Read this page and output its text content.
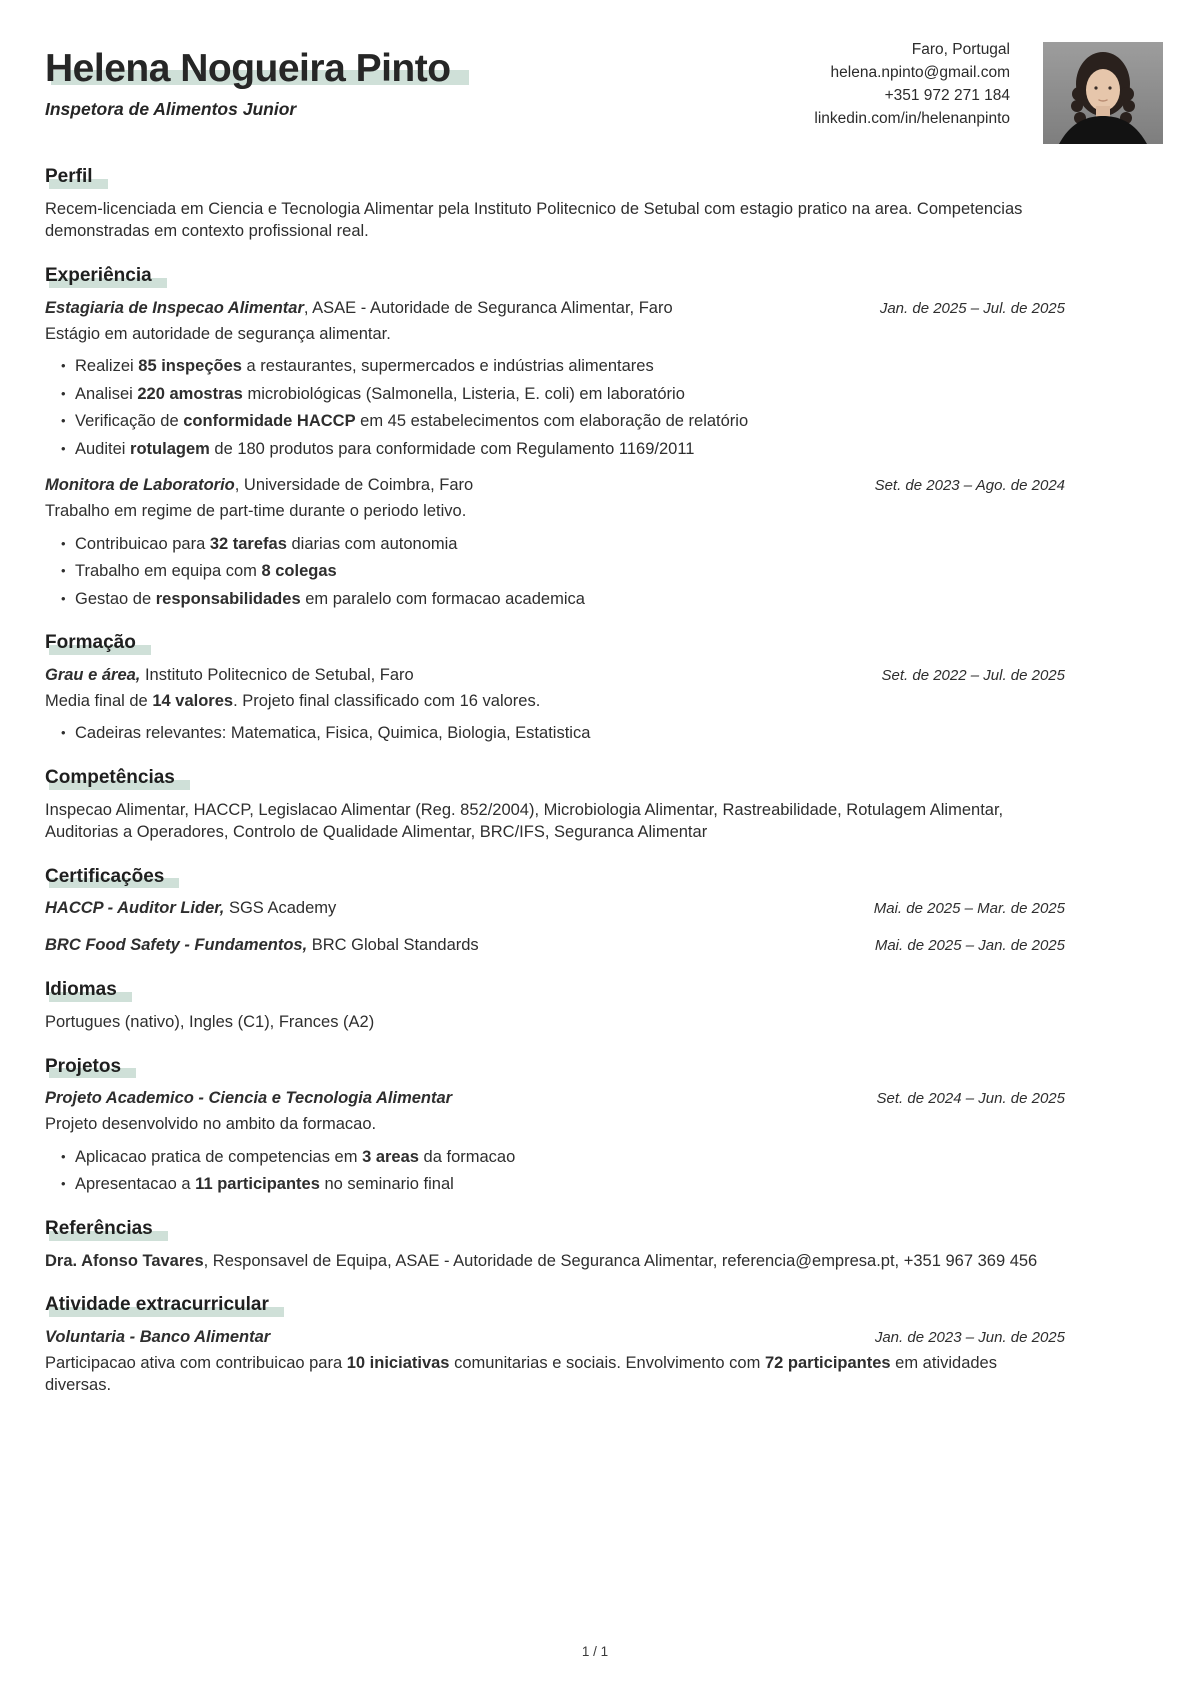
Helena Nogueira Pinto
Inspetora de Alimentos Junior
Faro, Portugal
helena.npinto@gmail.com
+351 972 271 184
linkedin.com/in/helenanpinto
Perfil

Recem-licenciada em Ciencia e Tecnologia Alimentar pela Instituto Politecnico de Setubal com estagio pratico na area. Competencias demonstradas em contexto profissional real.

Experiência
Estagiaria de Inspecao Alimentar, ASAE - Autoridade de Seguranca Alimentar, Faro	Jan. de 2025 – Jul. de 2025

Estágio em autoridade de segurança alimentar.

• Realizei 85 inspeções a restaurantes, supermercados e indústrias alimentares
• Analisei 220 amostras microbiológicas (Salmonella, Listeria, E. coli) em laboratório
• Verificação de conformidade HACCP em 45 estabelecimentos com elaboração de relatório
• Auditei rotulagem de 180 produtos para conformidade com Regulamento 1169/2011
Monitora de Laboratorio, Universidade de Coimbra, Faro	Set. de 2023 – Ago. de 2024

Trabalho em regime de part-time durante o periodo letivo.

• Contribuicao para 32 tarefas diarias com autonomia
• Trabalho em equipa com 8 colegas
• Gestao de responsabilidades em paralelo com formacao academica
Formação
Grau e área, Instituto Politecnico de Setubal, Faro	Set. de 2022 – Jul. de 2025

Media final de 14 valores. Projeto final classificado com 16 valores.

• Cadeiras relevantes: Matematica, Fisica, Quimica, Biologia, Estatistica
Competências

Inspecao Alimentar, HACCP, Legislacao Alimentar (Reg. 852/2004), Microbiologia Alimentar, Rastreabilidade, Rotulagem Alimentar, Auditorias a Operadores, Controlo de Qualidade Alimentar, BRC/IFS, Seguranca Alimentar

Certificações
HACCP - Auditor Lider, SGS Academy	Mai. de 2025 – Mar. de 2025
BRC Food Safety - Fundamentos, BRC Global Standards	Mai. de 2025 – Jan. de 2025
Idiomas

Portugues (nativo), Ingles (C1), Frances (A2)

Projetos
Projeto Academico - Ciencia e Tecnologia Alimentar	Set. de 2024 – Jun. de 2025

Projeto desenvolvido no ambito da formacao.

• Aplicacao pratica de competencias em 3 areas da formacao
• Apresentacao a 11 participantes no seminario final
Referências

Dra. Afonso Tavares, Responsavel de Equipa, ASAE - Autoridade de Seguranca Alimentar, referencia@empresa.pt, +351 967 369 456

Atividade extracurricular
Voluntaria - Banco Alimentar	Jan. de 2023 – Jun. de 2025

Participacao ativa com contribuicao para 10 iniciativas comunitarias e sociais. Envolvimento com 72 participantes em atividades diversas.

1 / 1
